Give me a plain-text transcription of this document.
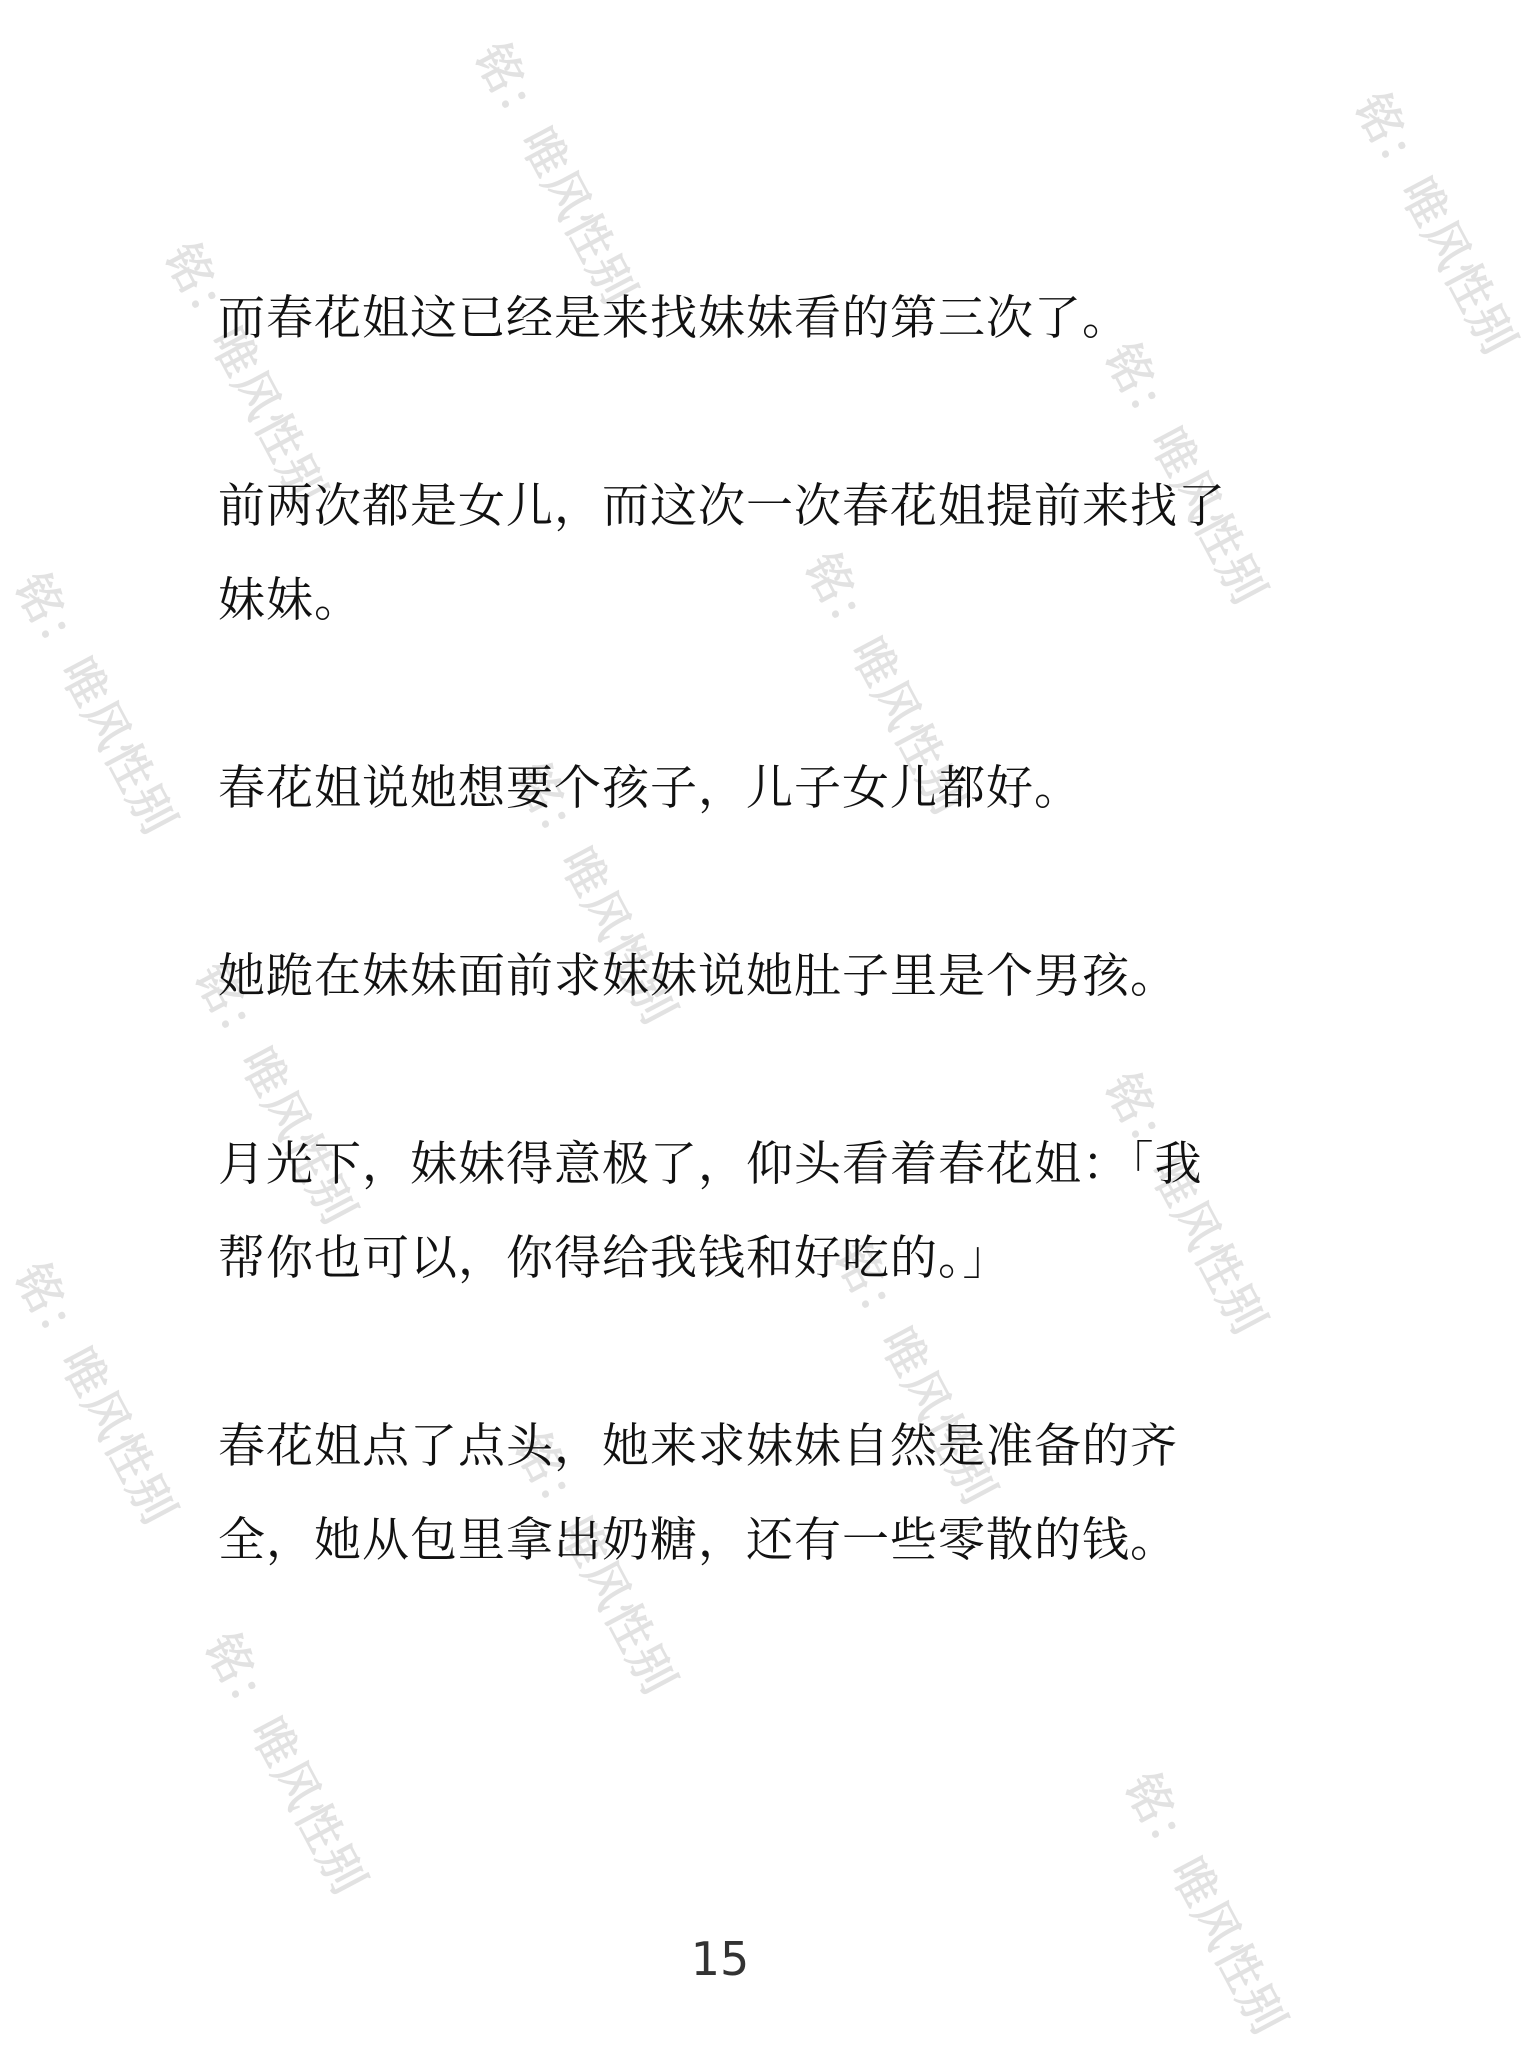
铭：唯风性别
铭：唯风性别	铭：唯风性别
铭：唯风性别
铭：唯风性别
铭：唯风性别	铭：唯风性别
铭：唯风性别
铭：唯风性别
铭：唯风性别
铭：唯风性别
铭：唯风性别
铭：唯风性别
铭：唯风性别

而春花姐这已经是来找妹妹看的第三次了。

前两次都是女儿，而这次一次春花姐提前来找了妹妹。

春花姐说她想要个孩子，儿子女儿都好。

她跪在妹妹面前求妹妹说她肚子里是个男孩。

月光下，妹妹得意极了，仰头看着春花姐：「我帮你也可以，你得给我钱和好吃的。」

春花姐点了点头，她来求妹妹自然是准备的齐全，她从包里拿出奶糖，还有一些零散的钱。

15
